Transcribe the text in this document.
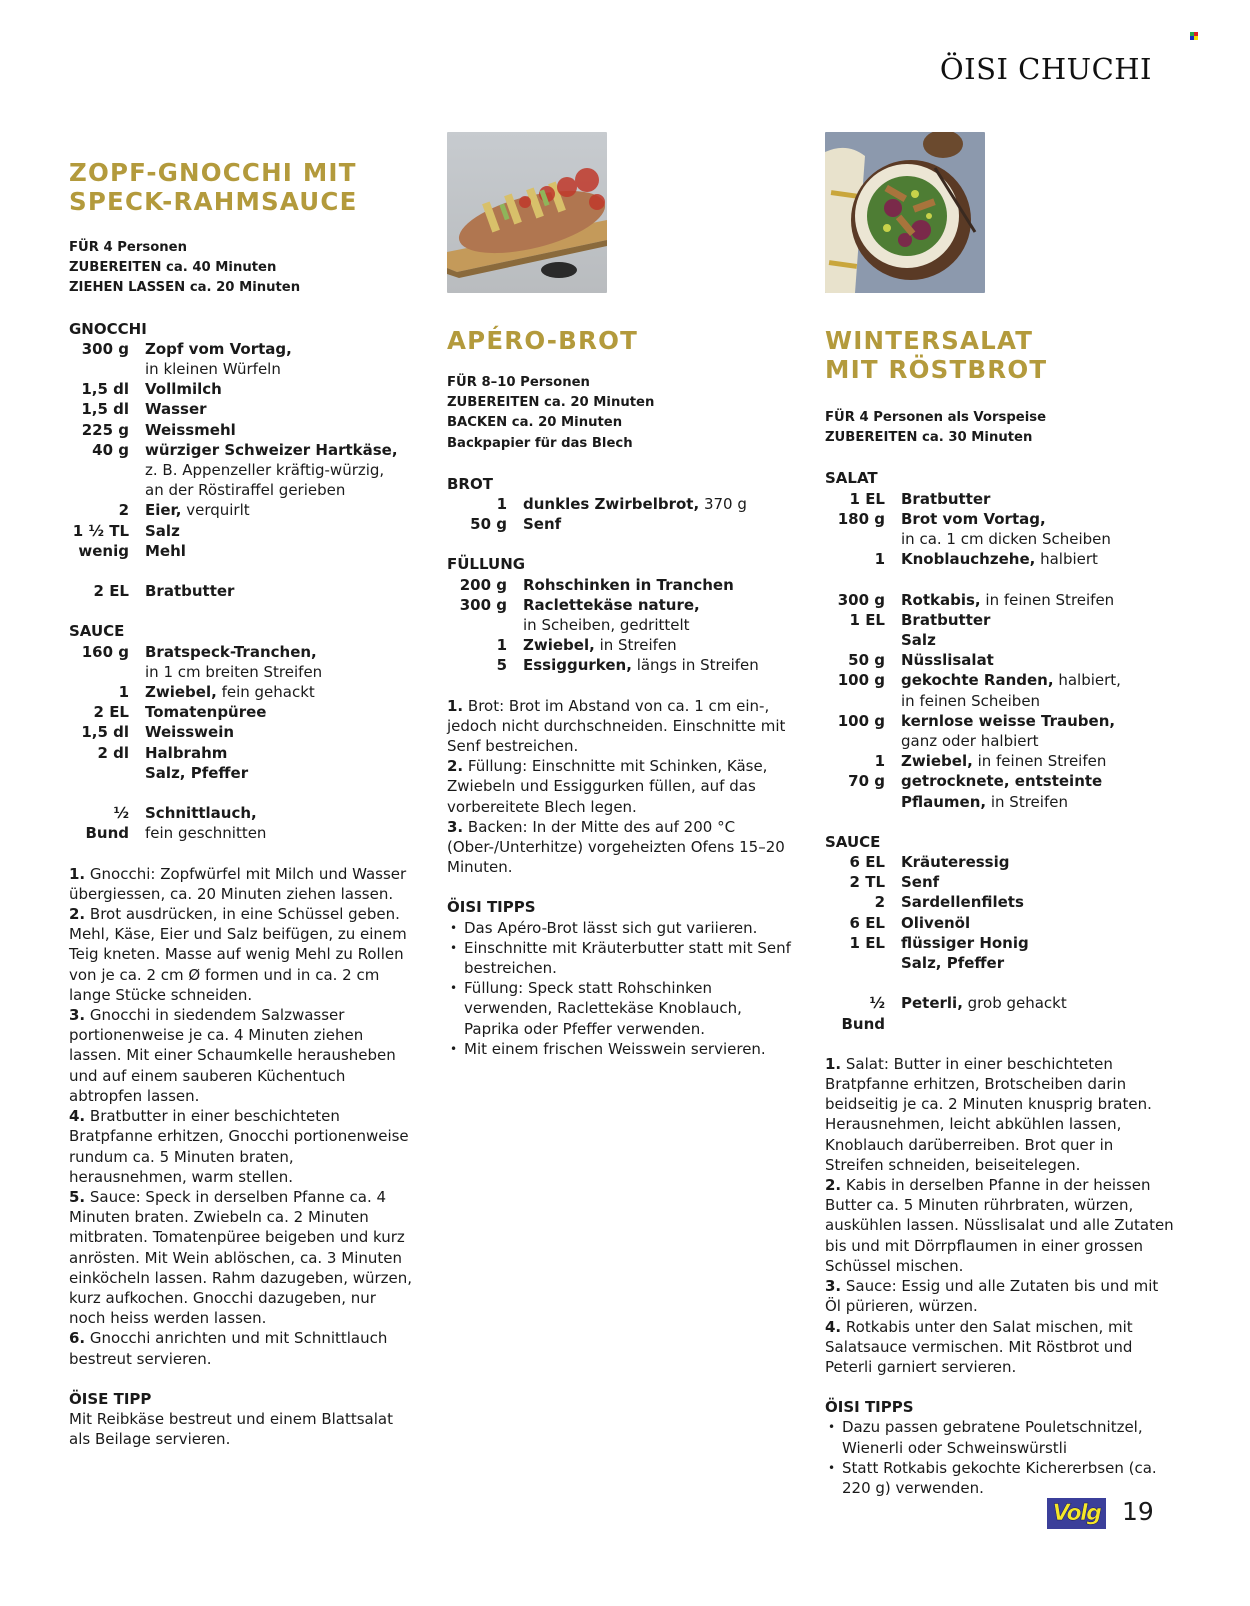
ÖISI CHUCHI
ZOPF-GNOCCHI MIT
SPECK-RAHMSAUCE
FÜR 4 Personen
ZUBEREITEN ca. 40 Minuten
ZIEHEN LASSEN ca. 20 Minuten
GNOCCHI
300 g Zopf vom Vortag,
in kleinen Würfeln
1,5 dl Vollmilch
1,5 dl Wasser
225 g Weissmehl
40 g würziger Schweizer Hartkäse,
z. B. Appenzeller kräftig-würzig,
an der Röstiraffel gerieben
2 Eier, verquirlt
1 ½ TL Salz
wenig Mehl
2 EL Bratbutter
SAUCE
160 g Bratspeck-Tranchen,
in 1 cm breiten Streifen
1 Zwiebel, fein gehackt
2 EL Tomatenpüree
1,5 dl Weisswein
2 dl Halbrahm
Salz, Pfeffer
½ Bund
Schnittlauch,
fein geschnitten

1. Gnocchi: Zopfwürfel mit Milch und Wasser übergiessen, ca. 20 Minuten ziehen lassen.

2. Brot ausdrücken, in eine Schüssel geben. Mehl, Käse, Eier und Salz beifügen, zu einem Teig kneten. Masse auf wenig Mehl zu Rollen von je ca. 2 cm Ø formen und in ca. 2 cm lange Stücke schneiden.

3. Gnocchi in siedendem Salzwasser portionenweise je ca. 4 Minuten ziehen lassen. Mit einer Schaumkelle herausheben und auf einem sauberen Küchentuch abtropfen lassen.

4. Bratbutter in einer beschichteten Bratpfanne erhitzen, Gnocchi portionenweise rundum ca. 5 Minuten braten, herausnehmen, warm stellen.

5. Sauce: Speck in derselben Pfanne ca. 4 Minuten braten. Zwiebeln ca. 2 Minuten mitbraten. Tomatenpüree beigeben und kurz anrösten. Mit Wein ablöschen, ca. 3 Minuten einköcheln lassen. Rahm dazugeben, würzen, kurz aufkochen. Gnocchi dazugeben, nur noch heiss werden lassen.

6. Gnocchi anrichten und mit Schnittlauch bestreut servieren.

ÖISE TIPP
Mit Reibkäse bestreut und einem Blattsalat als Beilage servieren.
APÉRO-BROT
FÜR 8–10 Personen
ZUBEREITEN ca. 20 Minuten
BACKEN ca. 20 Minuten
Backpapier für das Blech
BROT
1 dunkles Zwirbelbrot, 370 g
50 g Senf
FÜLLUNG
200 g Rohschinken in Tranchen
300 g Raclettekäse nature,
in Scheiben, gedrittelt
1 Zwiebel, in Streifen
5 Essiggurken, längs in Streifen

1. Brot: Brot im Abstand von ca. 1 cm ein-, jedoch nicht durchschneiden. Einschnitte mit Senf bestreichen.

2. Füllung: Einschnitte mit Schinken, Käse, Zwiebeln und Essiggurken füllen, auf das vorbereitete Blech legen.

3. Backen: In der Mitte des auf 200 °C (Ober-/Unterhitze) vorgeheizten Ofens 15–20 Minuten.

ÖISI TIPPS
• Das Apéro-Brot lässt sich gut variieren.
• Einschnitte mit Kräuterbutter statt mit Senf bestreichen.
• Füllung: Speck statt Rohschinken verwenden, Raclettekäse Knoblauch, Paprika oder Pfeffer verwenden.
• Mit einem frischen Weisswein servieren.
WINTERSALAT
MIT RÖSTBROT
FÜR 4 Personen als Vorspeise
ZUBEREITEN ca. 30 Minuten
SALAT
1 EL Bratbutter
180 g Brot vom Vortag,
in ca. 1 cm dicken Scheiben
1 Knoblauchzehe, halbiert
300 g Rotkabis, in feinen Streifen
1 EL Bratbutter
Salz
50 g Nüsslisalat
100 g gekochte Randen, halbiert,
in feinen Scheiben
100 g kernlose weisse Trauben,
ganz oder halbiert
1 Zwiebel, in feinen Streifen
70 g getrocknete, entsteinte
Pflaumen, in Streifen
SAUCE
6 EL Kräuteressig
2 TL Senf
2 Sardellenfilets
6 EL Olivenöl
1 EL flüssiger Honig
Salz, Pfeffer
½ Bund
Peterli, grob gehackt

1. Salat: Butter in einer beschichteten Bratpfanne erhitzen, Brotscheiben darin beidseitig je ca. 2 Minuten knusprig braten. Herausnehmen, leicht abkühlen lassen, Knoblauch darüberreiben. Brot quer in Streifen schneiden, beiseitelegen.

2. Kabis in derselben Pfanne in der heissen Butter ca. 5 Minuten rührbraten, würzen, auskühlen lassen. Nüsslisalat und alle Zutaten bis und mit Dörrpflaumen in einer grossen Schüssel mischen.

3. Sauce: Essig und alle Zutaten bis und mit Öl pürieren, würzen.

4. Rotkabis unter den Salat mischen, mit Salatsauce vermischen. Mit Röstbrot und Peterli garniert servieren.

ÖISI TIPPS
• Dazu passen gebratene Pouletschnitzel, Wienerli oder Schweinswürstli
• Statt Rotkabis gekochte Kichererbsen (ca. 220 g) verwenden.
Volg 19
